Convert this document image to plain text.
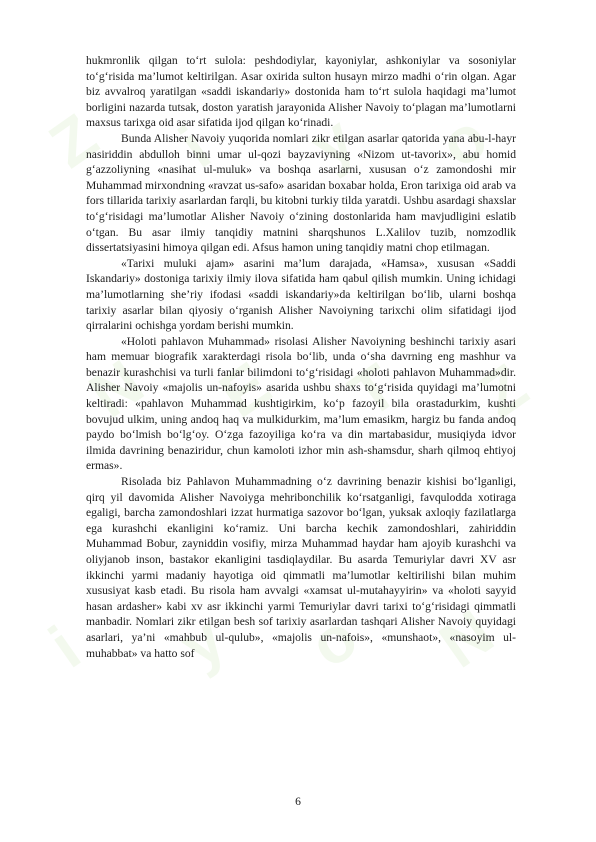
Z i y o
N E T Z
i y o N

hukmronlik qilgan to‘rt sulola: peshdodiylar, kayoniylar, ashkoniylar va sosoniylar to‘g‘risida ma’lumot keltirilgan. Asar oxirida sulton husayn mirzo madhi o‘rin olgan. Agar biz avvalroq yaratilgan «saddi iskandariy» dostonida ham to‘rt sulola haqidagi ma’lumot borligini nazarda tutsak, doston yaratish jarayonida Alisher Navoiy to‘plagan ma’lumotlarni maxsus tarixga oid asar sifatida ijod qilgan ko‘rinadi.

Bunda Alisher Navoiy yuqorida nomlari zikr etilgan asarlar qatorida yana abu-l-hayr nasiriddin abdulloh binni umar ul-qozi bayzaviyning «Nizom ut-tavorix», abu homid g‘azzoliyning «nasihat ul-muluk» va boshqa asarlarni, xususan o‘z zamondoshi mir Muhammad mirxondning «ravzat us-safo» asaridan boxabar holda, Eron tarixiga oid arab va fors tillarida tarixiy asarlardan farqli, bu kitobni turkiy tilda yaratdi. Ushbu asardagi shaxslar to‘g‘risidagi ma’lumotlar Alisher Navoiy o‘zining dostonlarida ham mavjudligini eslatib o‘tgan. Bu asar ilmiy tanqidiy matnini sharqshunos L.Xalilov tuzib, nomzodlik dissertatsiyasini himoya qilgan edi. Afsus hamon uning tanqidiy matni chop etilmagan.

«Tarixi muluki ajam» asarini ma’lum darajada, «Hamsa», xususan «Saddi Iskandariy» dostoniga tarixiy ilmiy ilova sifatida ham qabul qilish mumkin. Uning ichidagi ma’lumotlarning she’riy ifodasi «saddi iskandariy»da keltirilgan bo‘lib, ularni boshqa tarixiy asarlar bilan qiyosiy o‘rganish Alisher Navoiyning tarixchi olim sifatidagi ijod qirralarini ochishga yordam berishi mumkin.

«Holoti pahlavon Muhammad» risolasi Alisher Navoiyning beshinchi tarixiy asari ham memuar biografik xarakterdagi risola bo‘lib, unda o‘sha davrning eng mashhur va benazir kurashchisi va turli fanlar bilimdoni to‘g‘risidagi «holoti pahlavon Muhammad»dir. Alisher Navoiy «majolis un-nafoyis» asarida ushbu shaxs to‘g‘risida quyidagi ma’lumotni keltiradi: «pahlavon Muhammad kushtigirkim, ko‘p fazoyil bila orastadurkim, kushti bovujud ulkim, uning andoq haq va mulkidurkim, ma’lum emasikm, hargiz bu fanda andoq paydo bo‘lmish bo‘lg‘oy. O‘zga fazoyiliga ko‘ra va din martabasidur, musiqiyda idvor ilmida davrining benaziridur, chun kamoloti izhor min ash-shamsdur, sharh qilmoq ehtiyoj ermas».

Risolada biz Pahlavon Muhammadning o‘z davrining benazir kishisi bo‘lganligi, qirq yil davomida Alisher Navoiyga mehribonchilik ko‘rsatganligi, favqulodda xotiraga egaligi, barcha zamondoshlari izzat hurmatiga sazovor bo‘lgan, yuksak axloqiy fazilatlarga ega kurashchi ekanligini ko‘ramiz. Uni barcha kechik zamondoshlari, zahiriddin Muhammad Bobur, zayniddin vosifiy, mirza Muhammad haydar ham ajoyib kurashchi va oliyjanob inson, bastakor ekanligini tasdiqlaydilar. Bu asarda Temuriylar davri XV asr ikkinchi yarmi madaniy hayotiga oid qimmatli ma’lumotlar keltirilishi bilan muhim xususiyat kasb etadi. Bu risola ham avvalgi «xamsat ul-mutahayyirin» va «holoti sayyid hasan ardasher» kabi xv asr ikkinchi yarmi Temuriylar davri tarixi to‘g‘risidagi qimmatli manbadir. Nomlari zikr etilgan besh sof tarixiy asarlardan tashqari Alisher Navoiy quyidagi asarlari, ya’ni «mahbub ul-qulub», «majolis un-nafois», «munshaot», «nasoyim ul-muhabbat» va hatto sof

6
